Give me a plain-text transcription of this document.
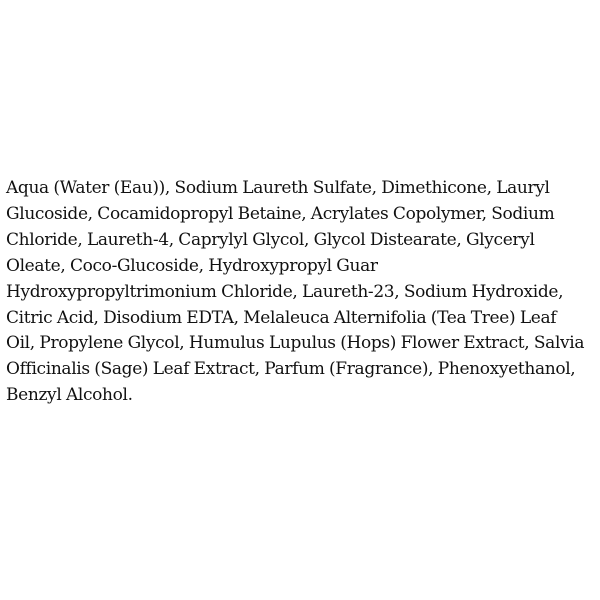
Aqua (Water (Eau)), Sodium Laureth Sulfate, Dimethicone, Lauryl
Glucoside, Cocamidopropyl Betaine, Acrylates Copolymer, Sodium
Chloride, Laureth-4, Caprylyl Glycol, Glycol Distearate, Glyceryl
Oleate, Coco-Glucoside, Hydroxypropyl Guar
Hydroxypropyltrimonium Chloride, Laureth-23, Sodium Hydroxide,
Citric Acid, Disodium EDTA, Melaleuca Alternifolia (Tea Tree) Leaf
Oil, Propylene Glycol, Humulus Lupulus (Hops) Flower Extract, Salvia
Officinalis (Sage) Leaf Extract, Parfum (Fragrance), Phenoxyethanol,
Benzyl Alcohol.
